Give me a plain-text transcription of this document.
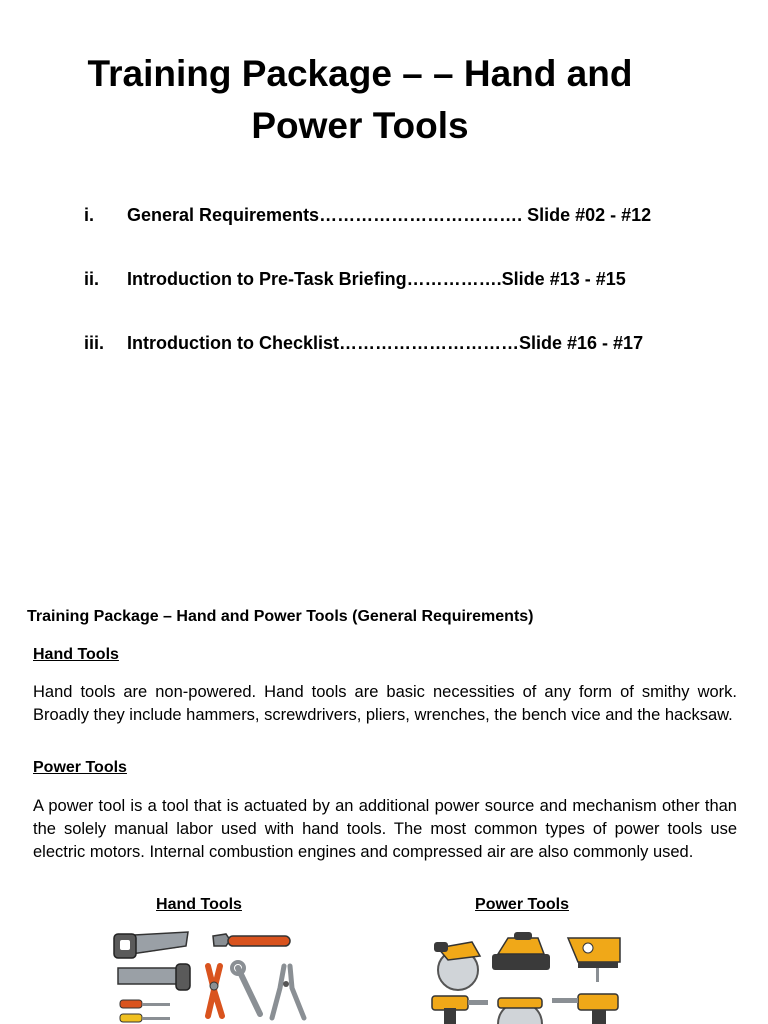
Training Package – – Hand and
Power Tools
i. General Requirements……………………………. Slide #02 - #12
ii. Introduction to Pre-Task Briefing…………….Slide #13 - #15
iii. Introduction to Checklist…………………………Slide #16 - #17
Training Package – Hand and Power Tools (General Requirements)
Hand Tools
Hand tools are non-powered. Hand tools are basic necessities of any form of smithy work. Broadly they include hammers, screwdrivers, pliers, wrenches, the bench vice and the hacksaw.
Power Tools
A power tool is a tool that is actuated by an additional power source and mechanism other than the solely manual labor used with hand tools. The most common types of power tools use electric motors. Internal combustion engines and compressed air are also commonly used.
Hand Tools	Power Tools
